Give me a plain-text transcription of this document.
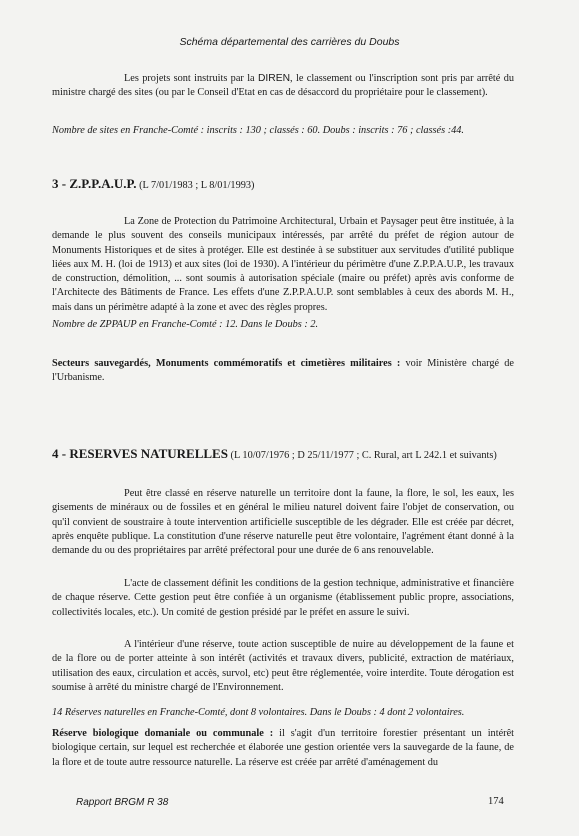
Schéma départemental des carrières du Doubs
Les projets sont instruits par la DIREN, le classement ou l'inscription sont pris par arrêté du ministre chargé des sites (ou par le Conseil d'Etat en cas de désaccord du propriétaire pour le classement).
Nombre de sites en Franche-Comté : inscrits : 130 ; classés : 60. Doubs : inscrits : 76 ; classés :44.
3 - Z.P.P.A.U.P. (L 7/01/1983 ; L 8/01/1993)
La Zone de Protection du Patrimoine Architectural, Urbain et Paysager peut être instituée, à la demande le plus souvent des conseils municipaux intéressés, par arrêté du préfet de région autour de Monuments Historiques et de sites à protéger. Elle est destinée à se substituer aux servitudes d'utilité publique liées aux M. H. (loi de 1913) et aux sites (loi de 1930). A l'intérieur du périmètre d'une Z.P.P.A.U.P., les travaux de construction, démolition, ... sont soumis à autorisation spéciale (maire ou préfet) après avis conforme de l'Architecte des Bâtiments de France. Les effets d'une Z.P.P.A.U.P. sont semblables à ceux des abords M. H., mais dans un périmètre adapté à la zone et avec des règles propres.
Nombre de ZPPAUP en Franche-Comté : 12. Dans le Doubs : 2.
Secteurs sauvegardés, Monuments commémoratifs et cimetières militaires : voir Ministère chargé de l'Urbanisme.
4 - RESERVES NATURELLES (L 10/07/1976 ; D 25/11/1977 ; C. Rural, art L 242.1 et suivants)
Peut être classé en réserve naturelle un territoire dont la faune, la flore, le sol, les eaux, les gisements de minéraux ou de fossiles et en général le milieu naturel doivent faire l'objet de conservation, ou qu'il convient de soustraire à toute intervention artificielle susceptible de les dégrader. Elle est créée par décret, après enquête publique. La constitution d'une réserve naturelle peut être volontaire, l'agrément étant donné à la demande du ou des propriétaires par arrêté préfectoral pour une durée de 6 ans renouvelable.
L'acte de classement définit les conditions de la gestion technique, administrative et financière de chaque réserve. Cette gestion peut être confiée à un organisme (établissement public propre, associations, collectivités locales, etc.). Un comité de gestion présidé par le préfet en assure le suivi.
A l'intérieur d'une réserve, toute action susceptible de nuire au développement de la faune et de la flore ou de porter atteinte à son intérêt (activités et travaux divers, publicité, extraction de matériaux, utilisation des eaux, circulation et accès, survol, etc) peut être réglementée, voire interdite. Toute dérogation est soumise à arrêté du ministre chargé de l'Environnement.
14 Réserves naturelles en Franche-Comté, dont 8 volontaires. Dans le Doubs : 4 dont 2 volontaires.
Réserve biologique domaniale ou communale : il s'agit d'un territoire forestier présentant un intérêt biologique certain, sur lequel est recherchée et élaborée une gestion orientée vers la sauvegarde de la faune, de la flore et de toute autre ressource naturelle. La réserve est créée par arrêté d'aménagement du
Rapport BRGM R 38	174
